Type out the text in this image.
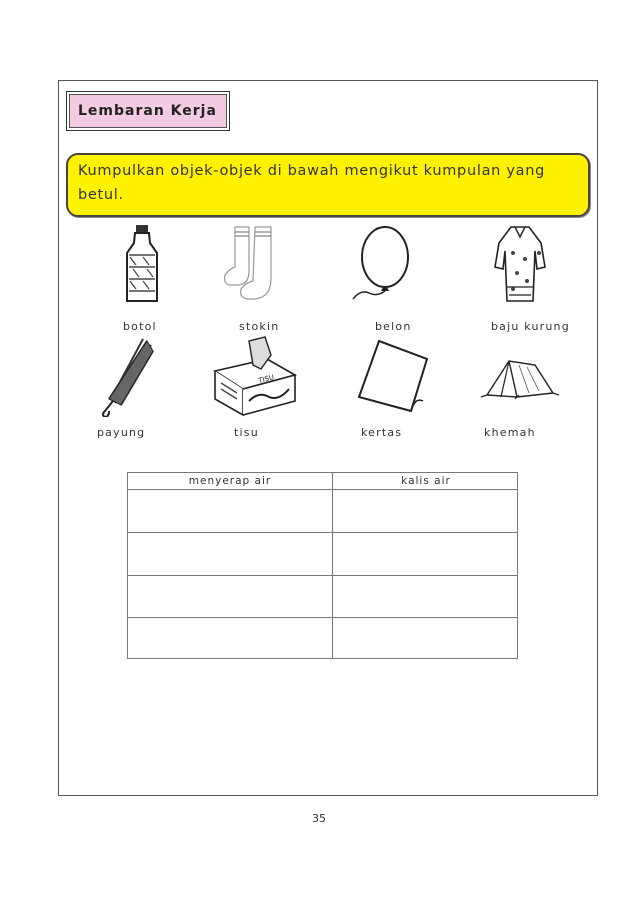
Lembaran Kerja
Kumpulkan objek-objek di bawah mengikut kumpulan yang betul.
botol	stokin	belon	baju kurung
TISU
payung	tisu	kertas	khemah
menyerap air	kalis air
35
